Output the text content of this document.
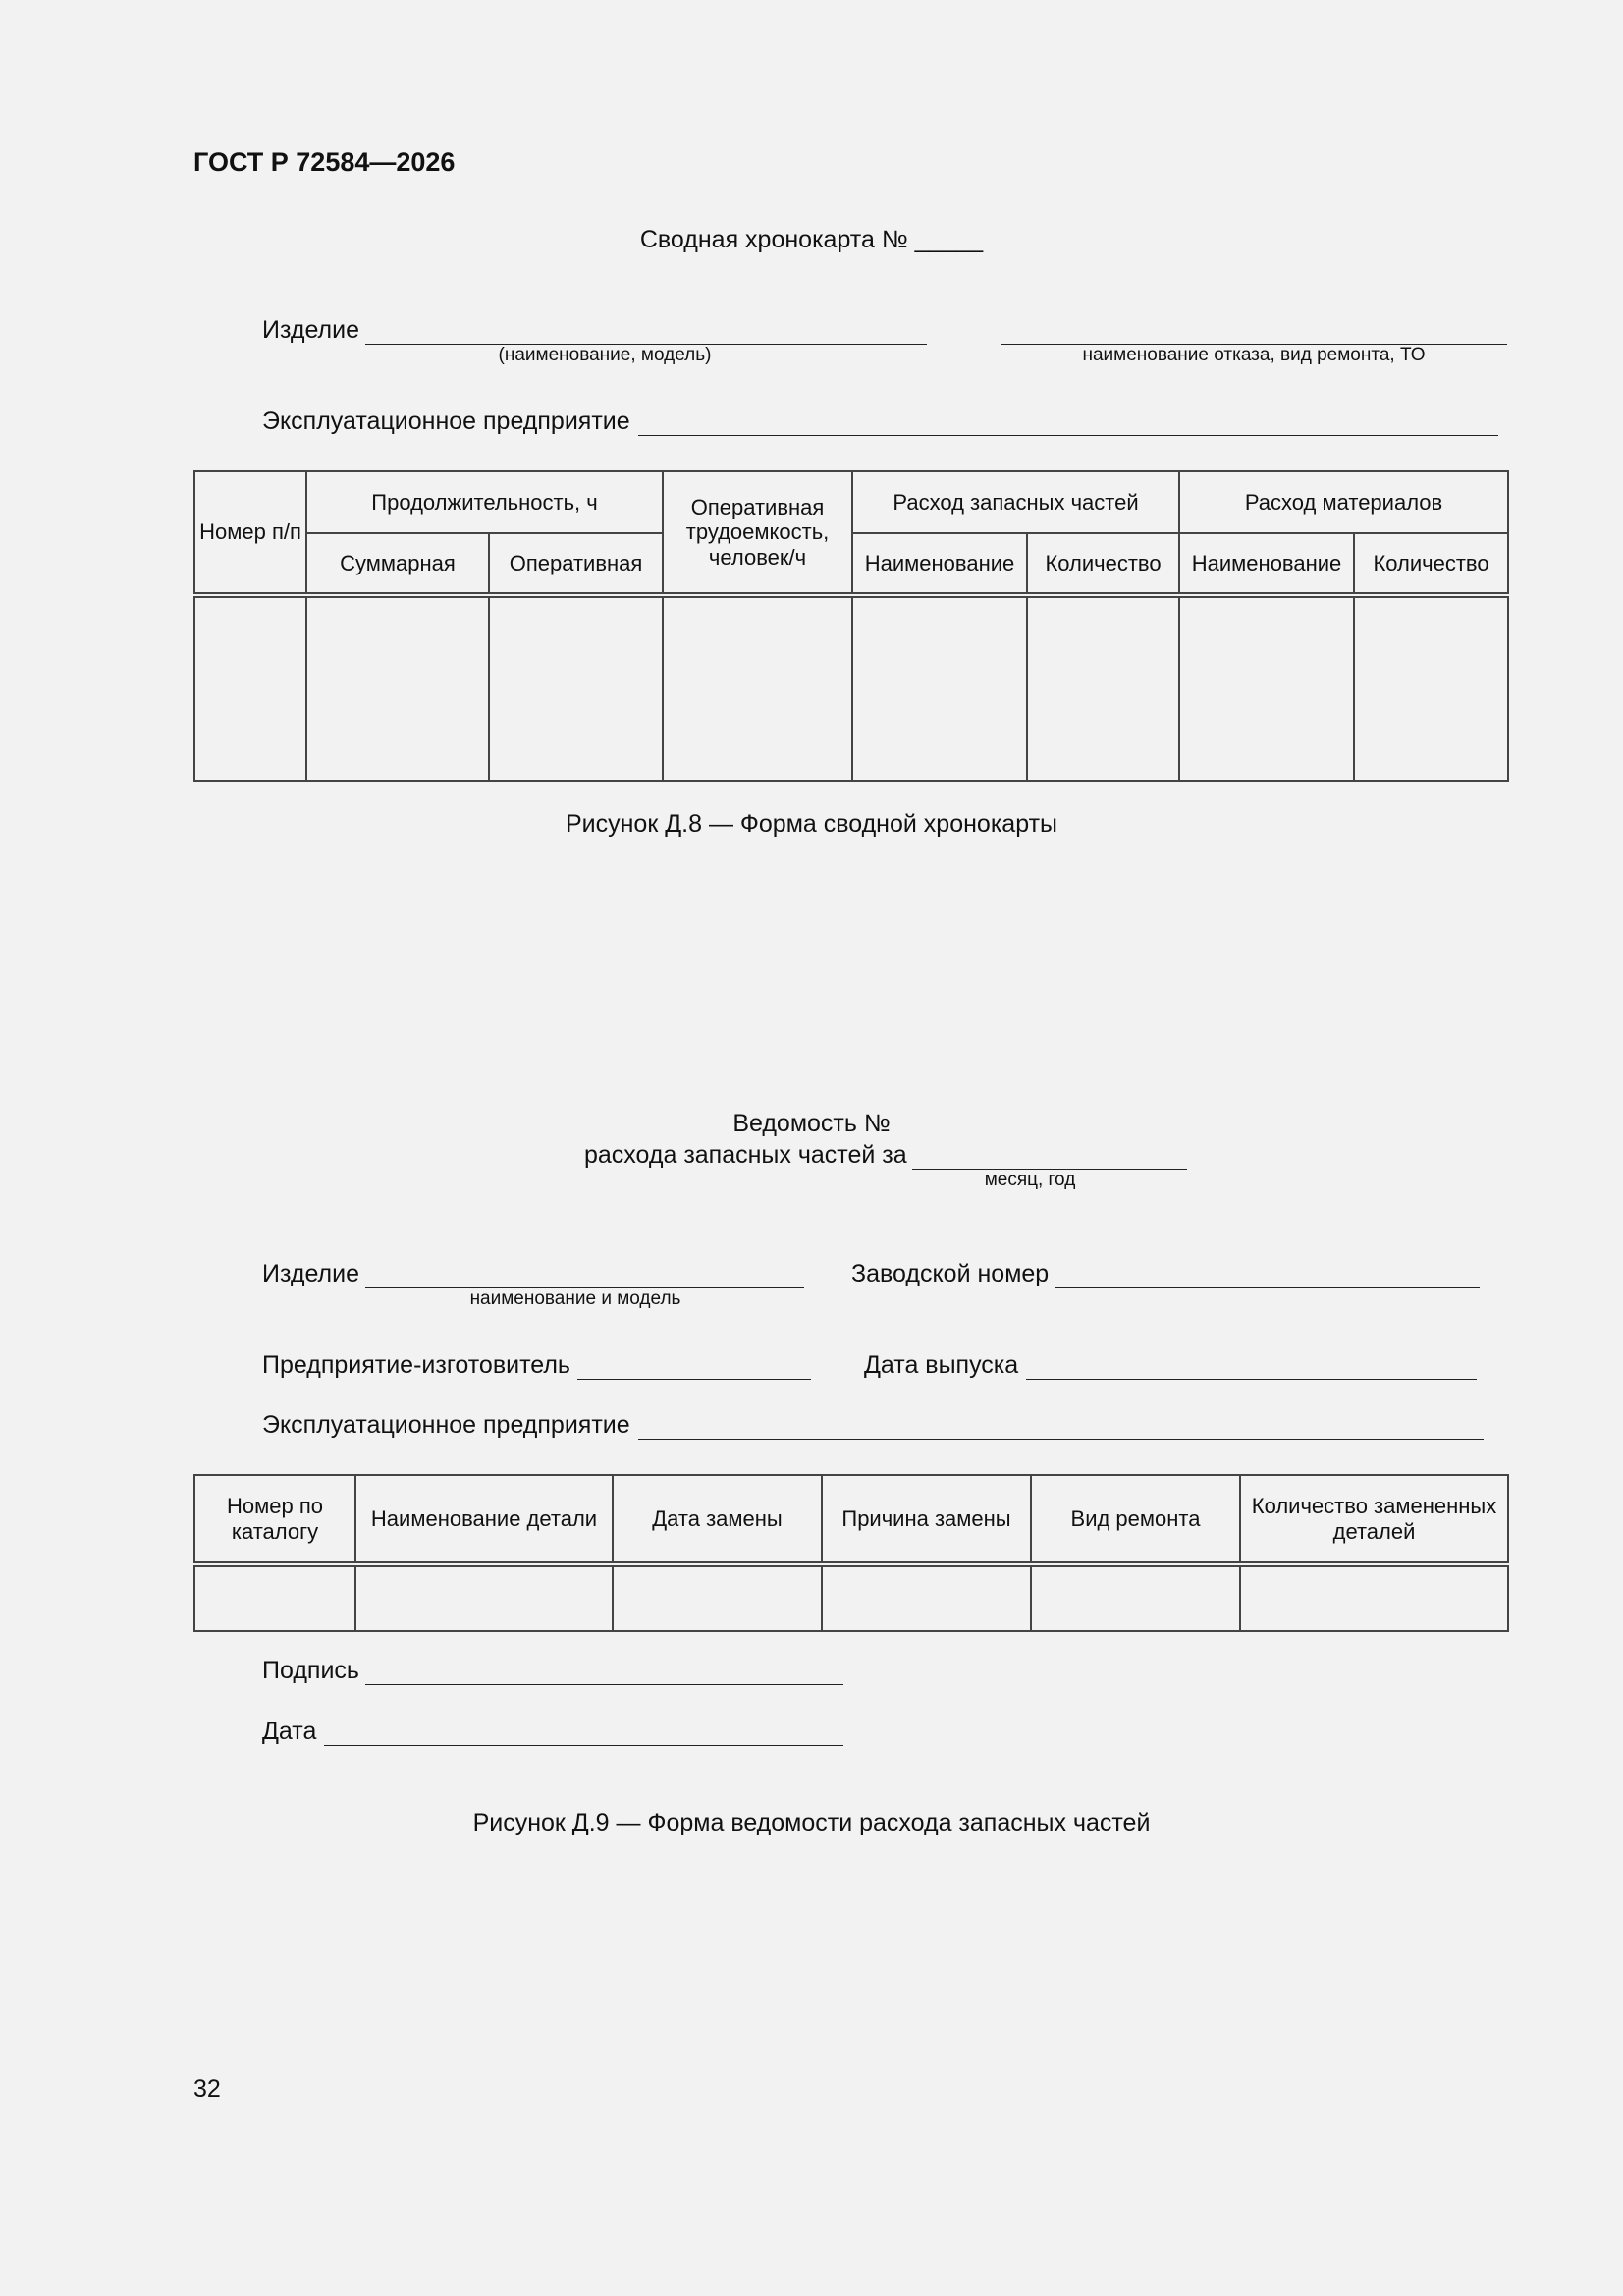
ГОСТ Р 72584—2026
Сводная хронокарта № _____
Изделие
(наименование, модель)	наименование отказа, вид ремонта, ТО
Эксплуатационное предприятие
Номер п/п	Продолжительность, ч		Оперативная трудоемкость, человек/ч	Расход запасных частей		Расход материалов	
	Суммарная	Оперативная		Наименование	Количество	Наименование	Количество

Рисунок Д.8 — Форма сводной хронокарты
Ведомость №
расхода запасных частей за
месяц, год
Изделие
наименование и модель
Заводской номер
Предприятие-изготовитель	Дата выпуска
Эксплуатационное предприятие
Номер по каталогу	Наименование детали	Дата замены	Причина замены	Вид ремонта	Количество замененных деталей

Подпись
Дата
Рисунок Д.9 — Форма ведомости расхода запасных частей
32
